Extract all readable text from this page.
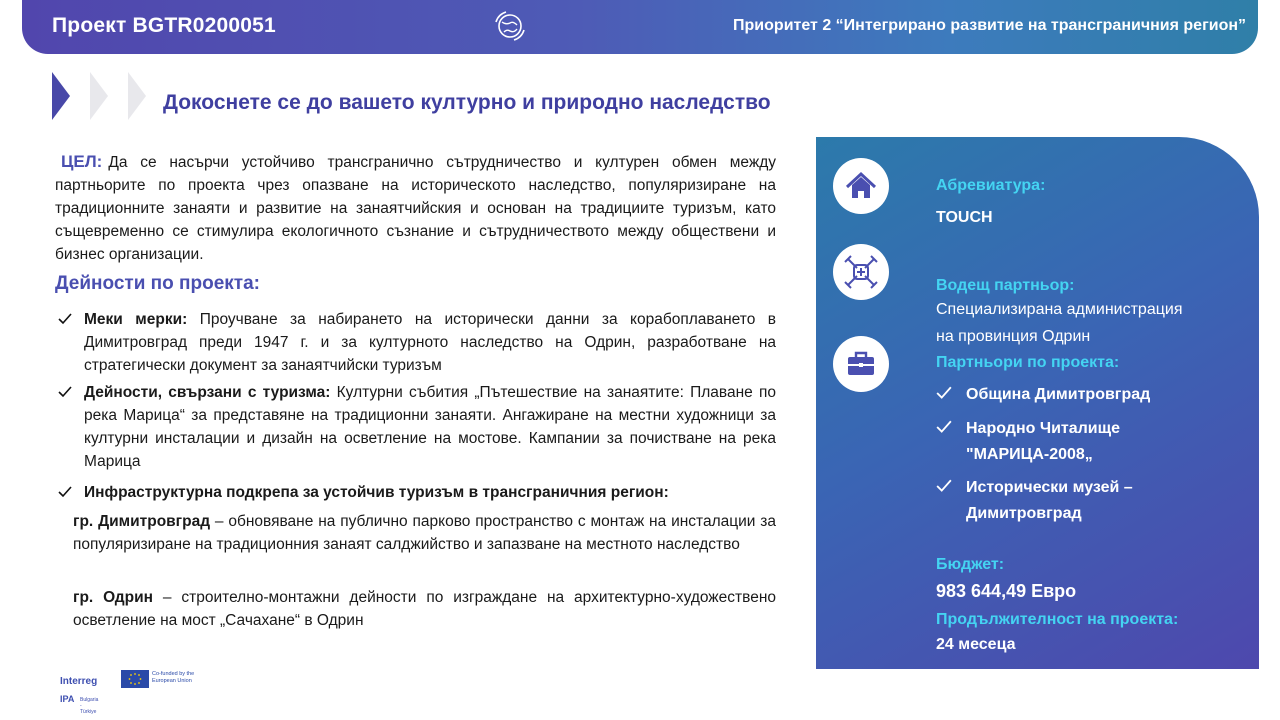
Проект BGTR0200051	Приоритет 2 “Интегрирано развитие на трансграничния регион”
Докоснете се до вашето културно и природно наследство
ЦЕЛ: Да се насърчи устойчиво трансгранично сътрудничество и културен обмен между партньорите по проекта чрез опазване на историческото наследство, популяризиране на традиционните занаяти и развитие на занаятчийския и основан на традициите туризъм, като същевременно се стимулира екологичното съзнание и сътрудничеството между обществени и бизнес организации.
Дейности по проекта:
Меки мерки: Проучване за набирането на исторически данни за корабоплаването в Димитровград преди 1947 г. и за културното наследство на Одрин, разработване на стратегически документ за занаятчийски туризъм
Дейности, свързани с туризма: Културни събития „Пътешествие на занаятите: Плаване по река Марица“ за представяне на традиционни занаяти. Ангажиране на местни художници за културни инсталации и дизайн на осветление на мостове. Кампании за почистване на река Марица
Инфраструктурна подкрепа за устойчив туризъм в трансграничния регион:
гр. Димитровград – обновяване на публично парково пространство с монтаж на инсталации за популяризиране на традиционния занаят салджийство и запазване на местното наследство
гр. Одрин – строително-монтажни дейности по изграждане на архитектурно-художествено осветление на мост „Сачахане“ в Одрин
Абревиатура:
TOUCH
Водещ партньор:
Специализирана администрация
на провинция Одрин
Партньори по проекта:
Община Димитровград
Народно Читалище "МАРИЦА-2008„
Исторически музей – Димитровград
Бюджет:
983 644,49 Евро
Продължителност на проекта:
24 месеца
Interreg
Co-funded by the European Union
IPA Bulgaria - Türkiye
